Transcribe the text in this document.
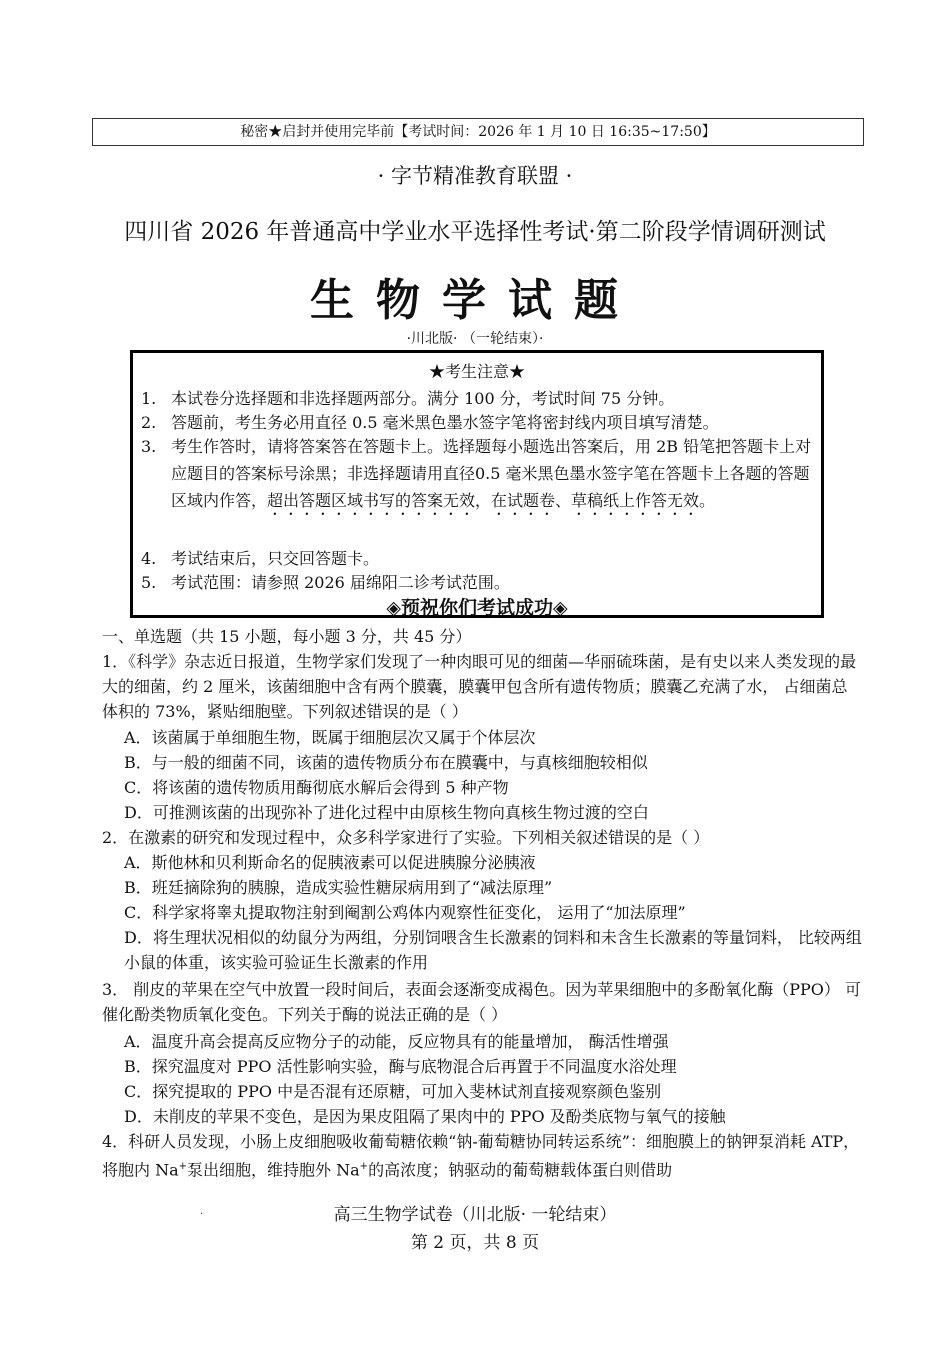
秘密★启封并使用完毕前【考试时间：2026 年 1 月 10 日 16:35~17:50】
· 字节精准教育联盟 ·
四川省 2026 年普通高中学业水平选择性考试·第二阶段学情调研测试
生物学试题
·川北版· （一轮结束）·
★考生注意★
1. 本试卷分选择题和非选择题两部分。满分 100 分，考试时间 75 分钟。
2. 答题前，考生务必用直径 0.5 毫米黑色墨水签字笔将密封线内项目填写清楚。
3. 考生作答时，请将答案答在答题卡上。选择题每小题选出答案后，用 2B 铅笔把答题卡上对应题目的答案标号涂黑；非选择题请用直径0.5 毫米黑色墨水签字笔在答题卡上各题的答题区域内作答，超出答题区域书写的答案无效，在试题卷、草稿纸上作答无效。
4. 考试结束后，只交回答题卡。
5. 考试范围：请参照 2026 届绵阳二诊考试范围。
◈预祝你们考试成功◈
一、单选题（共 15 小题，每小题 3 分，共 45 分）
1．《科学》杂志近日报道，生物学家们发现了一种肉眼可见的细菌—华丽硫珠菌，是有史以来人类发现的最大的细菌，约 2 厘米，该菌细胞中含有两个膜囊，膜囊甲包含所有遗传物质；膜囊乙充满了水， 占细菌总体积的 73%，紧贴细胞壁。下列叙述错误的是（ ）
A．该菌属于单细胞生物，既属于细胞层次又属于个体层次
B．与一般的细菌不同，该菌的遗传物质分布在膜囊中，与真核细胞较相似
C．将该菌的遗传物质用酶彻底水解后会得到 5 种产物
D．可推测该菌的出现弥补了进化过程中由原核生物向真核生物过渡的空白
2．在激素的研究和发现过程中，众多科学家进行了实验。下列相关叙述错误的是（ ）
A．斯他林和贝利斯命名的促胰液素可以促进胰腺分泌胰液
B．班廷摘除狗的胰腺，造成实验性糖尿病用到了“减法原理”
C．科学家将睾丸提取物注射到阉割公鸡体内观察性征变化， 运用了“加法原理”
D．将生理状况相似的幼鼠分为两组，分别饲喂含生长激素的饲料和未含生长激素的等量饲料， 比较两组小鼠的体重，该实验可验证生长激素的作用
3． 削皮的苹果在空气中放置一段时间后，表面会逐渐变成褐色。因为苹果细胞中的多酚氧化酶（PPO） 可催化酚类物质氧化变色。下列关于酶的说法正确的是（ ）
A．温度升高会提高反应物分子的动能，反应物具有的能量增加， 酶活性增强
B．探究温度对 PPO 活性影响实验，酶与底物混合后再置于不同温度水浴处理
C．探究提取的 PPO 中是否混有还原糖，可加入斐林试剂直接观察颜色鉴别
D．未削皮的苹果不变色，是因为果皮阻隔了果肉中的 PPO 及酚类底物与氧气的接触
4．科研人员发现，小肠上皮细胞吸收葡萄糖依赖“钠-葡萄糖协同转运系统”：细胞膜上的钠钾泵消耗 ATP，将胞内 Na+泵出细胞，维持胞外 Na+的高浓度；钠驱动的葡萄糖载体蛋白则借助
.	高三生物学试卷（川北版· 一轮结束）
第 2 页，共 8 页
